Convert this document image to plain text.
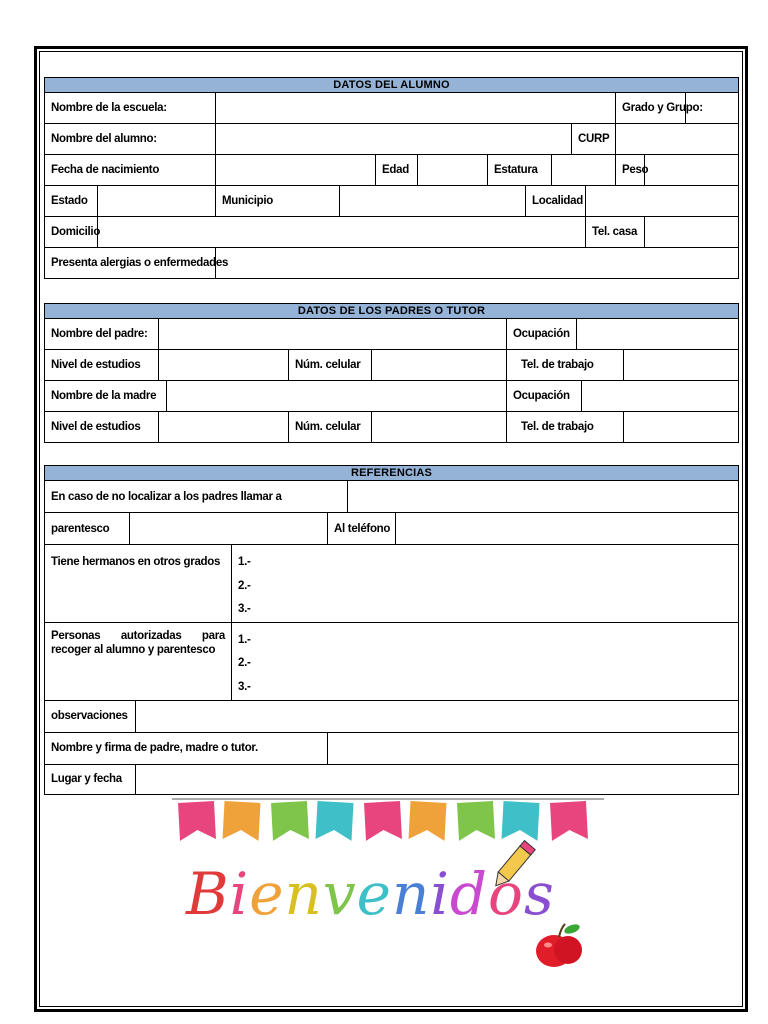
DATOS DEL ALUMNO													
Nombre de la escuela:											Grado y Grupo:		
Nombre del alumno:									CURP				
Fecha de nacimiento				Edad		Estatura					Peso		
Estado		Municipio					Localidad						
Domicilio										Tel. casa			
Presenta alergias o enfermedades													
DATOS DE LOS PADRES O TUTOR								
Nombre del padre:					Ocupación			
Nivel de estudios			Núm. celular		Tel. de trabajo			
Nombre de la madre					Ocupación			
Nivel de estudios			Núm. celular		Tel. de trabajo			
REFERENCIAS						
En caso de no localizar a los padres llamar a						
parentesco				Al teléfono		

Tiene hermanos en otros grados			1.-
2.-
3.-			

Personas autorizadas para recoger al alumno y parentesco			1.-
2.-
3.-			

observaciones						
Nombre y firma de padre, madre o tutor.						
Lugar y fecha						
Bienvenidos
